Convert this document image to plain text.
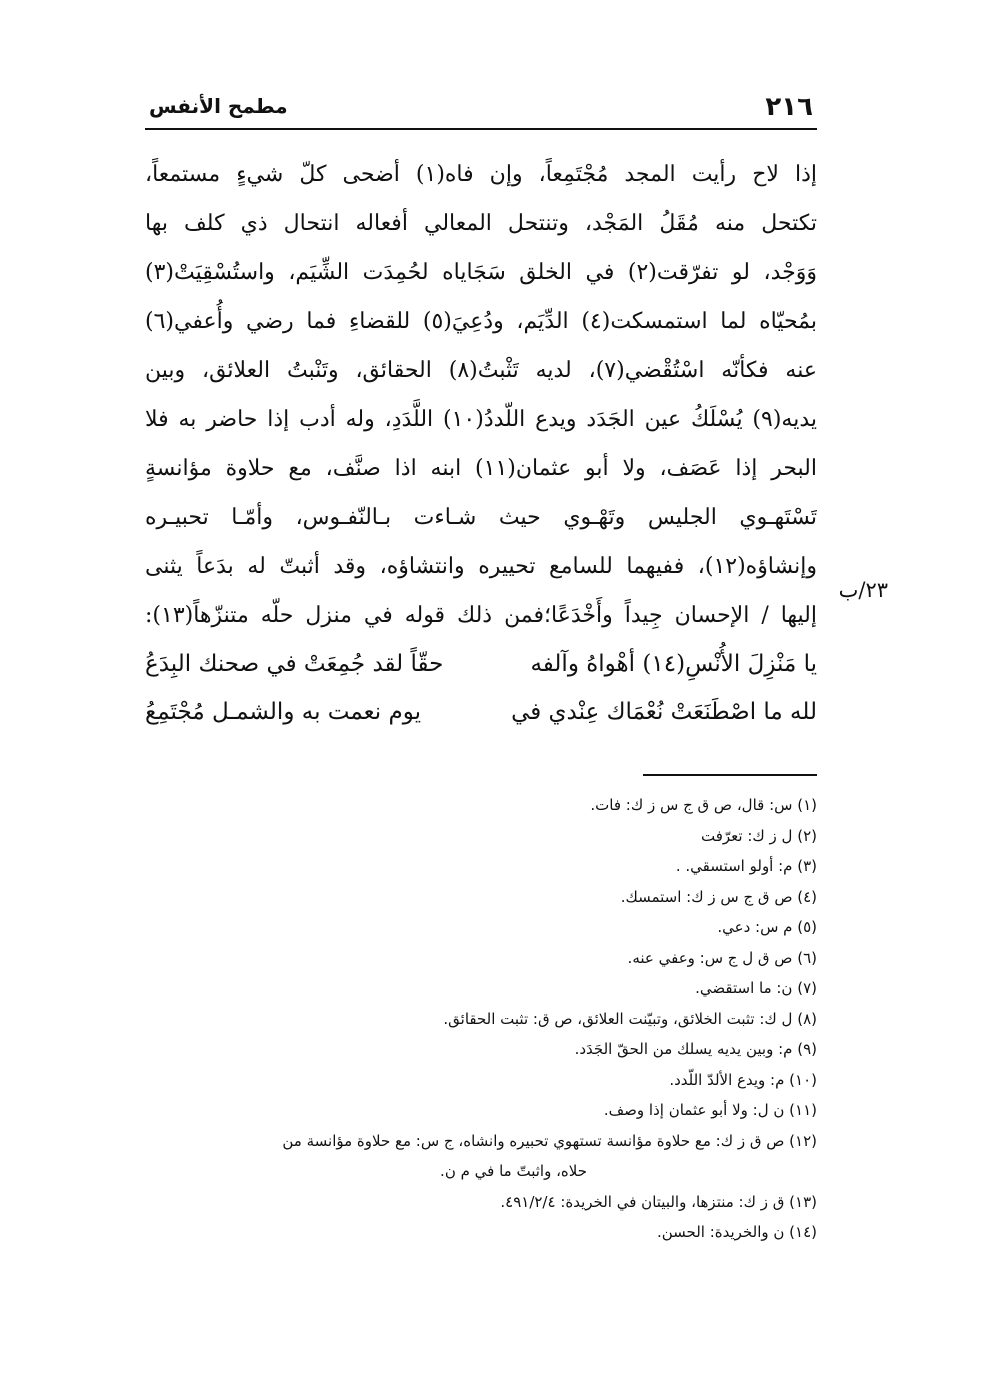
٢١٦
مطمح الأنفس
إذا لاح رأيت المجد مُجْتَمِعاً، وإن فاه(١) أضحى كلّ شيءٍ مستمعاً،
تكتحل منه مُقَلُ المَجْد، وتنتحل المعالي أفعاله انتحال ذي كلف بها
وَوَجْد، لو تفرّقت(٢) في الخلق سَجَاياه لحُمِدَت الشِّيَم، واستُسْقِيَتْ(٣)
بمُحيّاه لما استمسكت(٤) الدِّيَم، ودُعِيَ(٥) للقضاءِ فما رضي وأُعفي(٦)
عنه فكأنّه اسْتُقْضي(٧)، لديه تَثْبتُ(٨) الحقائق، وتَنْبتُ العلائق، وبين
يديه(٩) يُسْلَكُ عين الجَدَد ويدع اللّددُ(١٠) اللَّدَدِ، وله أدب إذا حاضر به فلا
البحر إذا عَصَف، ولا أبو عثمان(١١) ابنه اذا صنَّف، مع حلاوة مؤانسةٍ
تَسْتَهـوي الجليس وتَهْـوي حيث شـاءت بـالنّفـوس، وأمّـا تحبيـره
وإنشاؤه(١٢)، ففيهما للسامع تحييره وانتشاؤه، وقد أثبتّ له بدَعاً يثنى
إليها / الإحسان جِيداً وأَخْدَعًا؛فمن ذلك قوله في منزل حلّه متنزّهاً(١٣):
٢٣/ب
يا مَنْزِلَ الأُنْسِ(١٤) أهْواهُ وآلفه
حقّاً لقد جُمِعَتْ في صحنك البِدَعُ
لله ما اصْطَنَعَتْ نُعْمَاك عِنْدي في
يوم نعمت به والشمـل مُجْتَمِعُ
(١) س: قال، ص ق ج س ز ك: فات.
(٢) ل ز ك: تعرّفت
(٣) م: أولو استسقي. .
(٤) ص ق ج س ز ك: استمسك.
(٥) م س: دعي.
(٦) ص ق ل ج س: وعفي عنه.
(٧) ن: ما استقضي.
(٨) ل ك: تثبت الخلائق، وتبيّنت العلائق، ص ق: تثبت الحقائق.
(٩) م: وبين يديه يسلك من الحقّ الجَدَد.
(١٠) م: ويدع الألدّ اللّدد.
(١١) ن ل: ولا أبو عثمان إذا وصف.
(١٢) ص ق ز ك: مع حلاوة مؤانسة تستهوي تحبيره وانشاه، ج س: مع حلاوة مؤانسة من
حلاه، واثبتّ ما في م ن.
(١٣) ق ز ك: منتزها، والبيتان في الخريدة: ٤٩١/٢/٤.
(١٤) ن والخريدة: الحسن.
